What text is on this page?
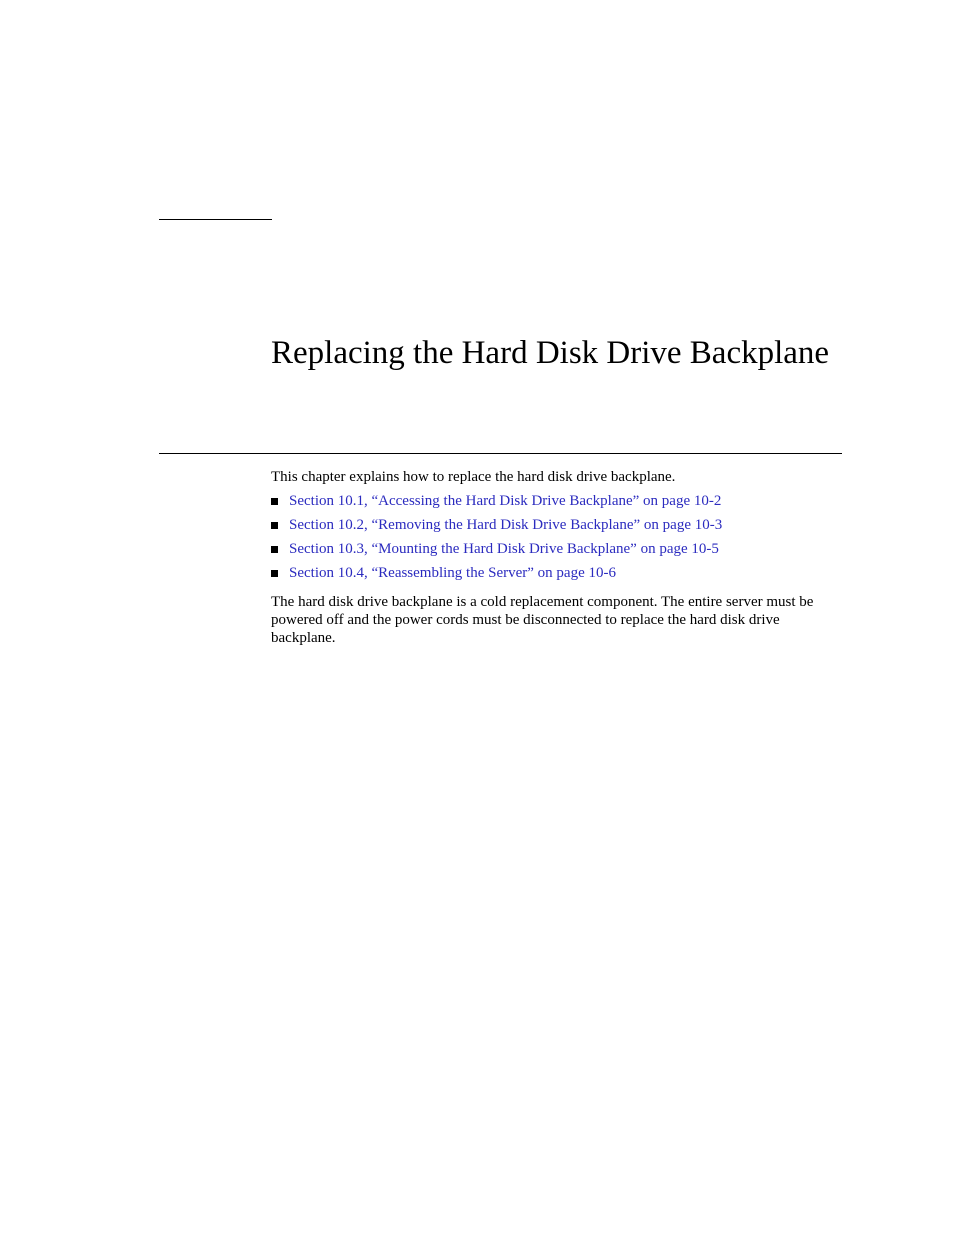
Replacing the Hard Disk Drive Backplane

This chapter explains how to replace the hard disk drive backplane.

Section 10.1, “Accessing the Hard Disk Drive Backplane” on page 10-2
Section 10.2, “Removing the Hard Disk Drive Backplane” on page 10-3
Section 10.3, “Mounting the Hard Disk Drive Backplane” on page 10-5
Section 10.4, “Reassembling the Server” on page 10-6

The hard disk drive backplane is a cold replacement component. The entire server must be powered off and the power cords must be disconnected to replace the hard disk drive backplane.
